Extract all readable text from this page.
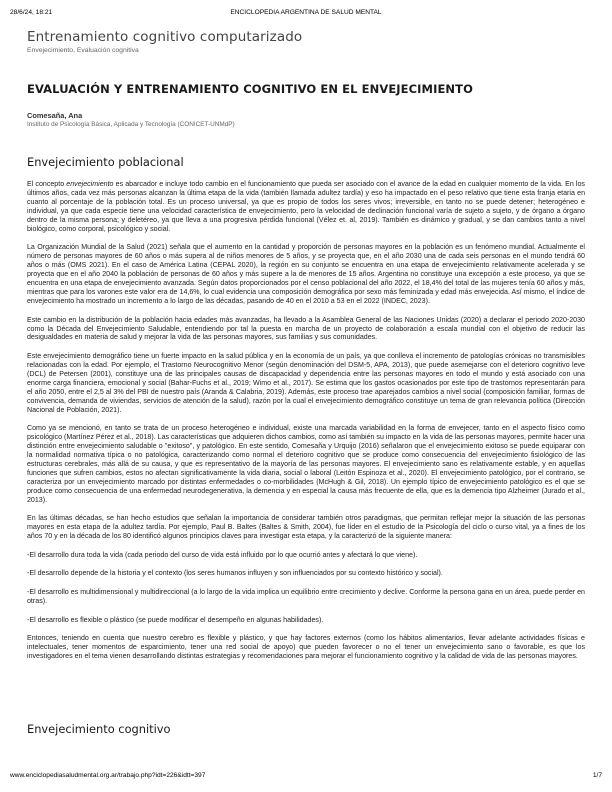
28/6/24, 18:21	ENCICLOPEDIA ARGENTINA DE SALUD MENTAL
Entrenamiento cognitivo computarizado
Envejecimiento, Evaluación cognitiva
EVALUACIÓN Y ENTRENAMIENTO COGNITIVO EN EL ENVEJECIMIENTO
Comesaña, Ana
Instituto de Psicología Básica, Aplicada y Tecnología (CONICET-UNMdP)
Envejecimiento poblacional

El concepto envejecimiento es abarcador e incluye todo cambio en el funcionamiento que pueda ser asociado con el avance de la edad en cualquier momento de la vida. En los últimos años, cada vez más personas alcanzan la última etapa de la vida (también llamada adultez tardía) y eso ha impactado en el peso relativo que tiene esta franja etaria en cuanto al porcentaje de la población total. Es un proceso universal, ya que es propio de todos los seres vivos; irreversible, en tanto no se puede detener; heterogéneo e individual, ya que cada especie tiene una velocidad característica de envejecimiento, pero la velocidad de declinación funcional varía de sujeto a sujeto, y de órgano a órgano dentro de la misma persona; y deletéreo, ya que lleva a una progresiva pérdida funcional (Vélez et. al, 2019). También es dinámico y gradual, y se dan cambios tanto a nivel biológico, como corporal, psicológico y social.

La Organización Mundial de la Salud (2021) señala que el aumento en la cantidad y proporción de personas mayores en la población es un fenómeno mundial. Actualmente el número de personas mayores de 60 años o más supera al de niños menores de 5 años, y se proyecta que, en el año 2030 una de cada seis personas en el mundo tendrá 60 años o más (OMS 2021). En el caso de América Latina (CEPAL 2020), la región en su conjunto se encuentra en una etapa de envejecimiento relativamente acelerada y se proyecta que en el año 2040 la población de personas de 60 años y más supere a la de menores de 15 años. Argentina no constituye una excepción a este proceso, ya que se encuentra en una etapa de envejecimiento avanzada. Según datos proporcionados por el censo poblacional del año 2022, el 18,4% del total de las mujeres tenía 60 años y más, mientras que para los varones este valor era de 14,6%, lo cual evidencia una composición demográfica por sexo más feminizada y edad más envejecida. Así mismo, el índice de envejecimiento ha mostrado un incremento a lo largo de las décadas, pasando de 40 en el 2010 a 53 en el 2022 (INDEC, 2023).

Este cambio en la distribución de la población hacia edades más avanzadas, ha llevado a la Asamblea General de las Naciones Unidas (2020) a declarar el periodo 2020-2030 como la Década del Envejecimiento Saludable, entendiendo por tal la puesta en marcha de un proyecto de colaboración a escala mundial con el objetivo de reducir las desigualdades en materia de salud y mejorar la vida de las personas mayores, sus familias y sus comunidades.

Este envejecimiento demográfico tiene un fuerte impacto en la salud pública y en la economía de un país, ya que conlleva el incremento de patologías crónicas no transmisibles relacionadas con la edad. Por ejemplo, el Trastorno Neurocognitivo Menor (según denominación del DSM-5, APA, 2013), que puede asemejarse con el deterioro cognitivo leve (DCL) de Petersen (2001), constituye una de las principales causas de discapacidad y dependencia entre las personas mayores en todo el mundo y está asociado con una enorme carga financiera, emocional y social (Bahar-Fuchs et al., 2019; Wimo et al., 2017). Se estima que los gastos ocasionados por este tipo de trastornos representarán para el año 2050, entre el 2,5 al 3% del PBI de nuestro país (Aranda & Calabria, 2019). Además, este proceso trae aparejados cambios a nivel social (composición familiar, formas de convivencia, demanda de viviendas, servicios de atención de la salud), razón por la cual el envejecimiento demográfico constituye un tema de gran relevancia política (Dirección Nacional de Población, 2021).

Como ya se mencionó, en tanto se trata de un proceso heterogéneo e individual, existe una marcada variabilidad en la forma de envejecer, tanto en el aspecto físico como psicológico (Martínez Pérez et al., 2018). Las características que adquieren dichos cambios, como así también su impacto en la vida de las personas mayores, permite hacer una distinción entre envejecimiento saludable o "exitoso", y patológico. En este sentido, Comesaña y Urquijo (2016) señalaron que el envejecimiento exitoso se puede equiparar con la normalidad normativa típica o no patológica, caracterizando como normal el deterioro cognitivo que se produce como consecuencia del envejecimiento fisiológico de las estructuras cerebrales, más allá de su causa, y que es representativo de la mayoría de las personas mayores. El envejecimiento sano es relativamente estable, y en aquellas funciones que sufren cambios, estos no afectan significativamente la vida diaria, social o laboral (Leitón Espinoza et al., 2020). El envejecimiento patológico, por el contrario, se caracteriza por un envejecimiento marcado por distintas enfermedades o co-morbilidades (McHugh & Gil, 2018). Un ejemplo típico de envejecimiento patológico es el que se produce como consecuencia de una enfermedad neurodegenerativa, la demencia y en especial la causa más frecuente de ella, que es la demencia tipo Alzheimer (Jurado et al., 2013).

En las últimas décadas, se han hecho estudios que señalan la importancia de considerar también otros paradigmas, que permitan reflejar mejor la situación de las personas mayores en esta etapa de la adultez tardía. Por ejemplo, Paul B. Baltes (Baltes & Smith, 2004), fue líder en el estudio de la Psicología del ciclo o curso vital, ya a fines de los años 70 y en la década de los 80 identificó algunos principios claves para investigar esta etapa, y la caracterizó de la siguiente manera:

-El desarrollo dura toda la vida (cada periodo del curso de vida está influido por lo que ocurrió antes y afectará lo que viene).

-El desarrollo depende de la historia y el contexto (los seres humanos influyen y son influenciados por su contexto histórico y social).

-El desarrollo es multidimensional y multidireccional (a lo largo de la vida implica un equilibrio entre crecimiento y declive. Conforme la persona gana en un área, puede perder en otras).

-El desarrollo es flexible o plástico (se puede modificar el desempeño en algunas habilidades).

Entonces, teniendo en cuenta que nuestro cerebro es flexible y plástico, y que hay factores externos (como los hábitos alimentarios, llevar adelante actividades físicas e intelectuales, tener momentos de esparcimiento, tener una red social de apoyo) que pueden favorecer o no el tener un envejecimiento sano o favorable, es que los investigadores en el tema vienen desarrollando distintas estrategias y recomendaciones para mejorar el funcionamiento cognitivo y la calidad de vida de las personas mayores.

Envejecimiento cognitivo
www.enciclopediasaludmental.org.ar/trabajo.php?idt=226&idtt=397	1/7
